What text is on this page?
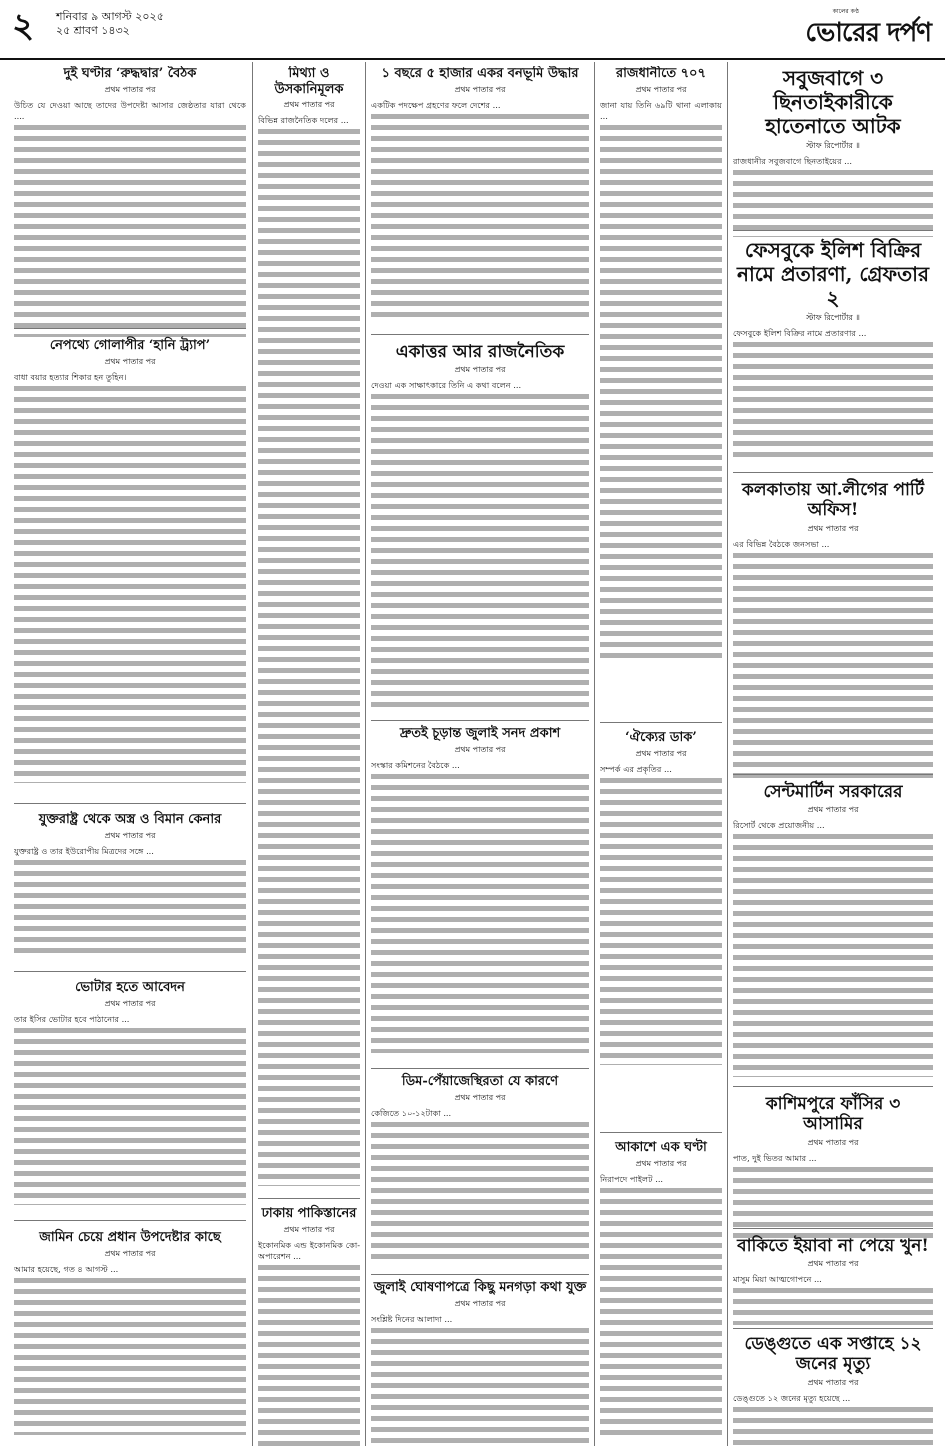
২ শনিবার ৯ আগস্ট ২০২৫
২৫ শ্রাবণ ১৪৩২
কালের কণ্ঠ
ভোরের দর্পণ
দুই ঘণ্টার ‘রুদ্ধদ্বার’ বৈঠক
প্রথম পাতার পর

উচিত যে দেওয়া আছে তাদের উপদেষ্টা আসার জেষ্ঠতার যারা থেকে ....

নেপথ্যে গোলাপীর ‘হানি ট্র্যাপ’
প্রথম পাতার পর

বাধা বয়ার হত্যার শিকার হন তুহিন।

যুক্তরাষ্ট্র থেকে অস্ত্র ও বিমান কেনার
প্রথম পাতার পর

যুক্তরাষ্ট্র ও তার ইউরোপীয় মিত্রদের সঙ্গে ...

ভোটার হতে আবেদন
প্রথম পাতার পর

তার ইসির ভোটার হবে পাঠানোর ...

জামিন চেয়ে প্রধান উপদেষ্টার কাছে
প্রথম পাতার পর

আমার হয়েছে, গত ৪ আগস্ট ...

মিথ্যা ও উসকানিমূলক
প্রথম পাতার পর

বিভিন্ন রাজনৈতিক দলের ...

ঢাকায় পাকিস্তানের
প্রথম পাতার পর

ইকোনমিক এন্ড ইকোনমিক কো-অপারেশন ...

১ বছরে ৫ হাজার একর বনভূমি উদ্ধার
প্রথম পাতার পর

একটিক পদক্ষেপ গ্রহণের ফলে দেশের ...

একাত্তর আর রাজনৈতিক
প্রথম পাতার পর

দেওয়া এক সাক্ষাৎকারে তিনি এ কথা বলেন ...

দ্রুতই চূড়ান্ত জুলাই সনদ প্রকাশ
প্রথম পাতার পর

সংস্কার কমিশনের বৈঠকে ...

ডিম-পেঁয়াজেস্থিরতা যে কারণে
প্রথম পাতার পর

কেজিতে ১০-১২টাকা ...

জুলাই ঘোষণাপত্রে কিছু মনগড়া কথা যুক্ত
প্রথম পাতার পর

সংশ্লিষ্ট দিনের আলাদা ...

রাজধানীতে ৭০৭
প্রথম পাতার পর

জানা যায় তিনি ৬৯টি থানা এলাকায় ...

‘ঐক্যের ডাক’
প্রথম পাতার পর

সম্পর্ক এর প্রকৃতির ...

আকাশে এক ঘণ্টা
প্রথম পাতার পর

নিরাপদে পাইলট ...

সবুজবাগে ৩ ছিনতাইকারীকে হাতেনাতে আটক
স্টাফ রিপোর্টার ॥

রাজধানীর সবুজবাগে ছিনতাইয়ের ...

ফেসবুকে ইলিশ বিক্রির নামে প্রতারণা, গ্রেফতার ২
স্টাফ রিপোর্টার ॥

ফেসবুকে ইলিশ বিক্রির নামে প্রতারণার ...

কলকাতায় আ.লীগের পার্টি অফিস!
প্রথম পাতার পর

এর বিভিন্ন বৈঠকে জনসভা ...

সেন্টমার্টিন সরকারের
প্রথম পাতার পর

রিসোর্ট থেকে প্রয়োজনীয় ...

কাশিমপুরে ফাঁসির ৩ আসামির
প্রথম পাতার পর

পাত, দুই ভিতর আমার ...

বাকিতে ইয়াবা না পেয়ে খুন!
প্রথম পাতার পর

মাসুম মিয়া আত্মগোপনে ...

ডেঙ্গুতে এক সপ্তাহে ১২ জনের মৃত্যু
প্রথম পাতার পর

ডেঙ্গুতে ১২ জনের মৃত্যু হয়েছে ...
